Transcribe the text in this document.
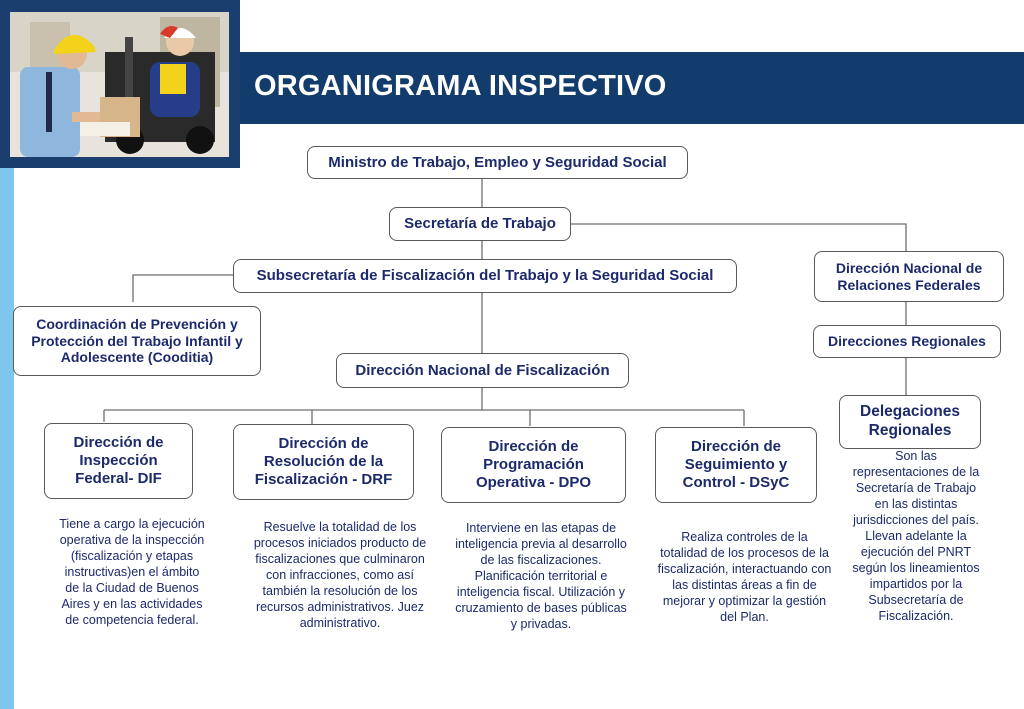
ORGANIGRAMA INSPECTIVO
Ministro de Trabajo, Empleo y Seguridad Social
Secretaría de Trabajo
Subsecretaría de Fiscalización del Trabajo y la Seguridad Social
Coordinación de Prevención y Protección del Trabajo Infantil y Adolescente (Cooditia)
Dirección Nacional de Fiscalización
Dirección Nacional de Relaciones Federales
Direcciones Regionales
Delegaciones Regionales
Dirección de Inspección Federal- DIF
Dirección de Resolución de la Fiscalización - DRF
Dirección de Programación Operativa - DPO
Dirección de Seguimiento y Control - DSyC
Tiene a cargo la ejecución operativa de la inspección (fiscalización y etapas instructivas)en el ámbito de la Ciudad de Buenos Aires y en las actividades de competencia federal.
Resuelve la totalidad de los procesos iniciados producto de fiscalizaciones que culminaron con infracciones, como así también la resolución de los recursos administrativos. Juez administrativo.
Interviene en las etapas de inteligencia previa al desarrollo de las fiscalizaciones. Planificación territorial e inteligencia fiscal. Utilización y cruzamiento de bases públicas y privadas.
Realiza controles de la totalidad de los procesos de la fiscalización, interactuando con las distintas áreas a fin de mejorar y optimizar la gestión del Plan.
Son las representaciones de la Secretaría de Trabajo en las distintas jurisdicciones del país. Llevan adelante la ejecución del PNRT según los lineamientos impartidos por la Subsecretaría de Fiscalización.
